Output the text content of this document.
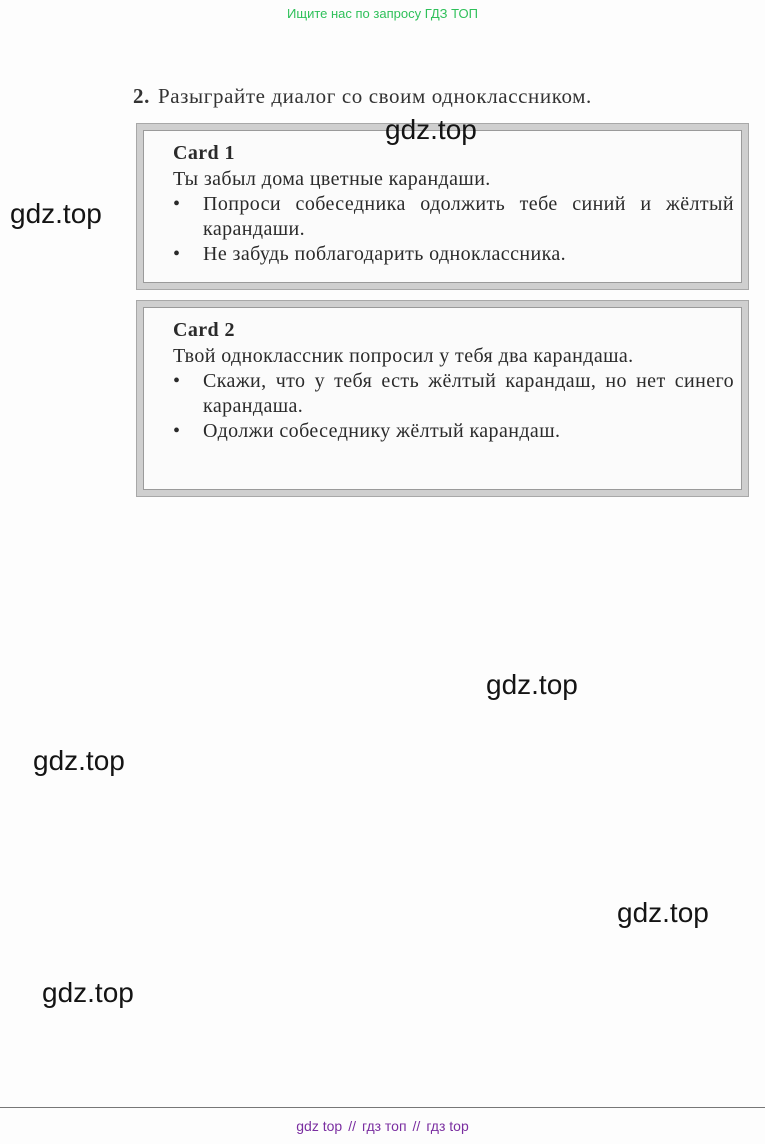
Ищите нас по запросу ГДЗ ТОП
2. Разыграйте диалог со своим одноклассником.
Card 1
Ты забыл дома цветные карандаши.
• Попроси собеседника одолжить тебе синий и жёлтый карандаши.
• Не забудь поблагодарить одноклассника.
Card 2
Твой одноклассник попросил у тебя два карандаша.
• Скажи, что у тебя есть жёлтый карандаш, но нет синего карандаша.
• Одолжи собеседнику жёлтый карандаш.
gdz.top
gdz.top
gdz.top
gdz.top
gdz.top
gdz.top
gdz top // гдз топ // гдз top
